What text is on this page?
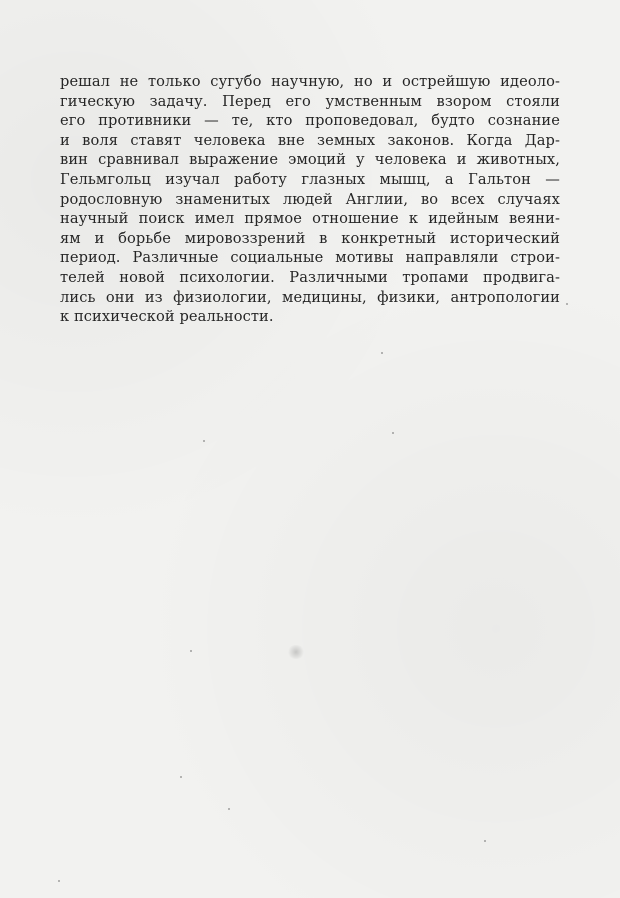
решал не только сугубо научную, но и острейшую идеоло-
гическую задачу. Перед его умственным взором стояли
его противники — те, кто проповедовал, будто сознание
и воля ставят человека вне земных законов. Когда Дар-
вин сравнивал выражение эмоций у человека и животных,
Гельмгольц изучал работу глазных мышц, а Гальтон —
родословную знаменитых людей Англии, во всех случаях
научный поиск имел прямое отношение к идейным веяни-
ям и борьбе мировоззрений в конкретный исторический
период. Различные социальные мотивы направляли строи-
телей новой психологии. Различными тропами продвига-
лись они из физиологии, медицины, физики, антропологии
к психической реальности.
